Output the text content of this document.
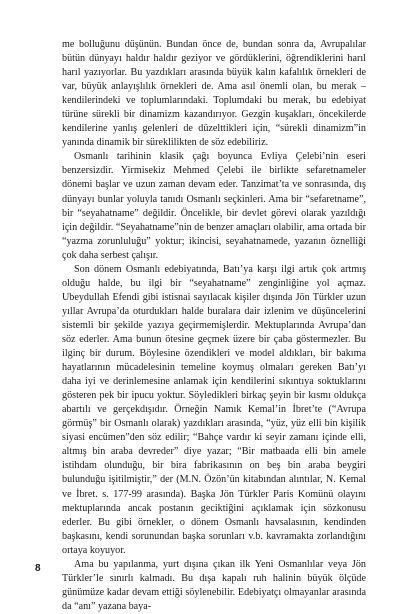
me bolluğunu düşünün. Bundan önce de, bundan sonra da, Avrupalılar bütün dünyayı haldır haldır geziyor ve gördüklerini, öğrendiklerini harıl harıl yazıyorlar. Bu yazdıkları arasında büyük kalın kafalılık örnekleri de var, büyük anlayışlılık örnekleri de. Ama asıl önemli olan, bu merak – kendilerindeki ve toplumlarındaki. Toplumdaki bu merak, bu edebiyat türüne sürekli bir dinamizm kazandırıyor. Gezgin kuşakları, öncekilerde kendilerine yanlış gelenleri de düzelttikleri için, “sürekli dinamizm”in yanında dinamik bir süreklilikten de söz edebiliriz.

Osmanlı tarihinin klasik çağı boyunca Evliya Çelebi’nin eseri benzersizdir. Yirmisekiz Mehmed Çelebi ile birlikte sefaretnameler dönemi başlar ve uzun zaman devam eder. Tanzimat’ta ve sonrasında, dış dünyayı bunlar yoluyla tanıdı Osmanlı seçkinleri. Ama bir “sefaretname”, bir “seyahatname” değildir. Öncelikle, bir devlet görevi olarak yazıldığı için değildir. “Seyahatname”nin de benzer amaçları olabilir, ama ortada bir “yazma zorunluluğu” yoktur; ikincisi, seyahatnamede, yazanın öznelliği çok daha serbest çalışır.

Son dönem Osmanlı edebiyatında, Batı’ya karşı ilgi artık çok artmış olduğu halde, bu ilgi bir “seyahatname” zenginliğine yol açmaz. Ubeydullah Efendi gibi istisnai sayılacak kişiler dışında Jön Türkler uzun yıllar Avrupa’da oturdukları halde buralara dair izlenim ve düşüncelerini sistemli bir şekilde yazıya geçirmemişlerdir. Mektuplarında Avrupa’dan söz ederler. Ama bunun ötesine geçmek üzere bir çaba göstermezler. Bu ilginç bir durum. Böylesine özendikleri ve model aldıkları, bir bakıma hayatlarının mücadelesinin temeline koymuş olmaları gereken Batı’yı daha iyi ve derinlemesine anlamak için kendilerini sıkıntıya soktuklarını gösteren pek bir ipucu yoktur. Söyledikleri birkaç şeyin bir kısmı oldukça abartılı ve gerçekdışıdır. Örneğin Namık Kemal’in İbret’te (“Avrupa görmüş” bir Osmanlı olarak) yazdıkları arasında, “yüz, yüz elli bin kişilik siyasi encümen”den söz edilir; “Bahçe vardır ki seyir zamanı içinde elli, altmış bin araba devreder” diye yazar; “Bir matbaada elli bin amele istihdam olunduğu, bir bira fabrikasının on beş bin araba beygiri bulunduğu işitilmiştir,” der (M.N. Özön’ün kitabından alıntılar, N. Kemal ve İbret. s. 177-99 arasında). Başka Jön Türkler Paris Komünü olayını mektuplarında ancak postanın geciktiğini açıklamak için sözkonusu ederler. Bu gibi örnekler, o dönem Osmanlı havsalasının, kendinden başkasını, kendi sorunundan başka sorunları v.b. kavramakta zorlandığını ortaya koyuyor.

Ama bu yapılanma, yurt dışına çıkan ilk Yeni Osmanlılar veya Jön Türkler’le sınırlı kalmadı. Bu dışa kapalı ruh halinin büyük ölçüde günümüze kadar devam ettiği söylenebilir. Edebiyatçı olmayanlar arasında da “anı” yazana baya-

8
